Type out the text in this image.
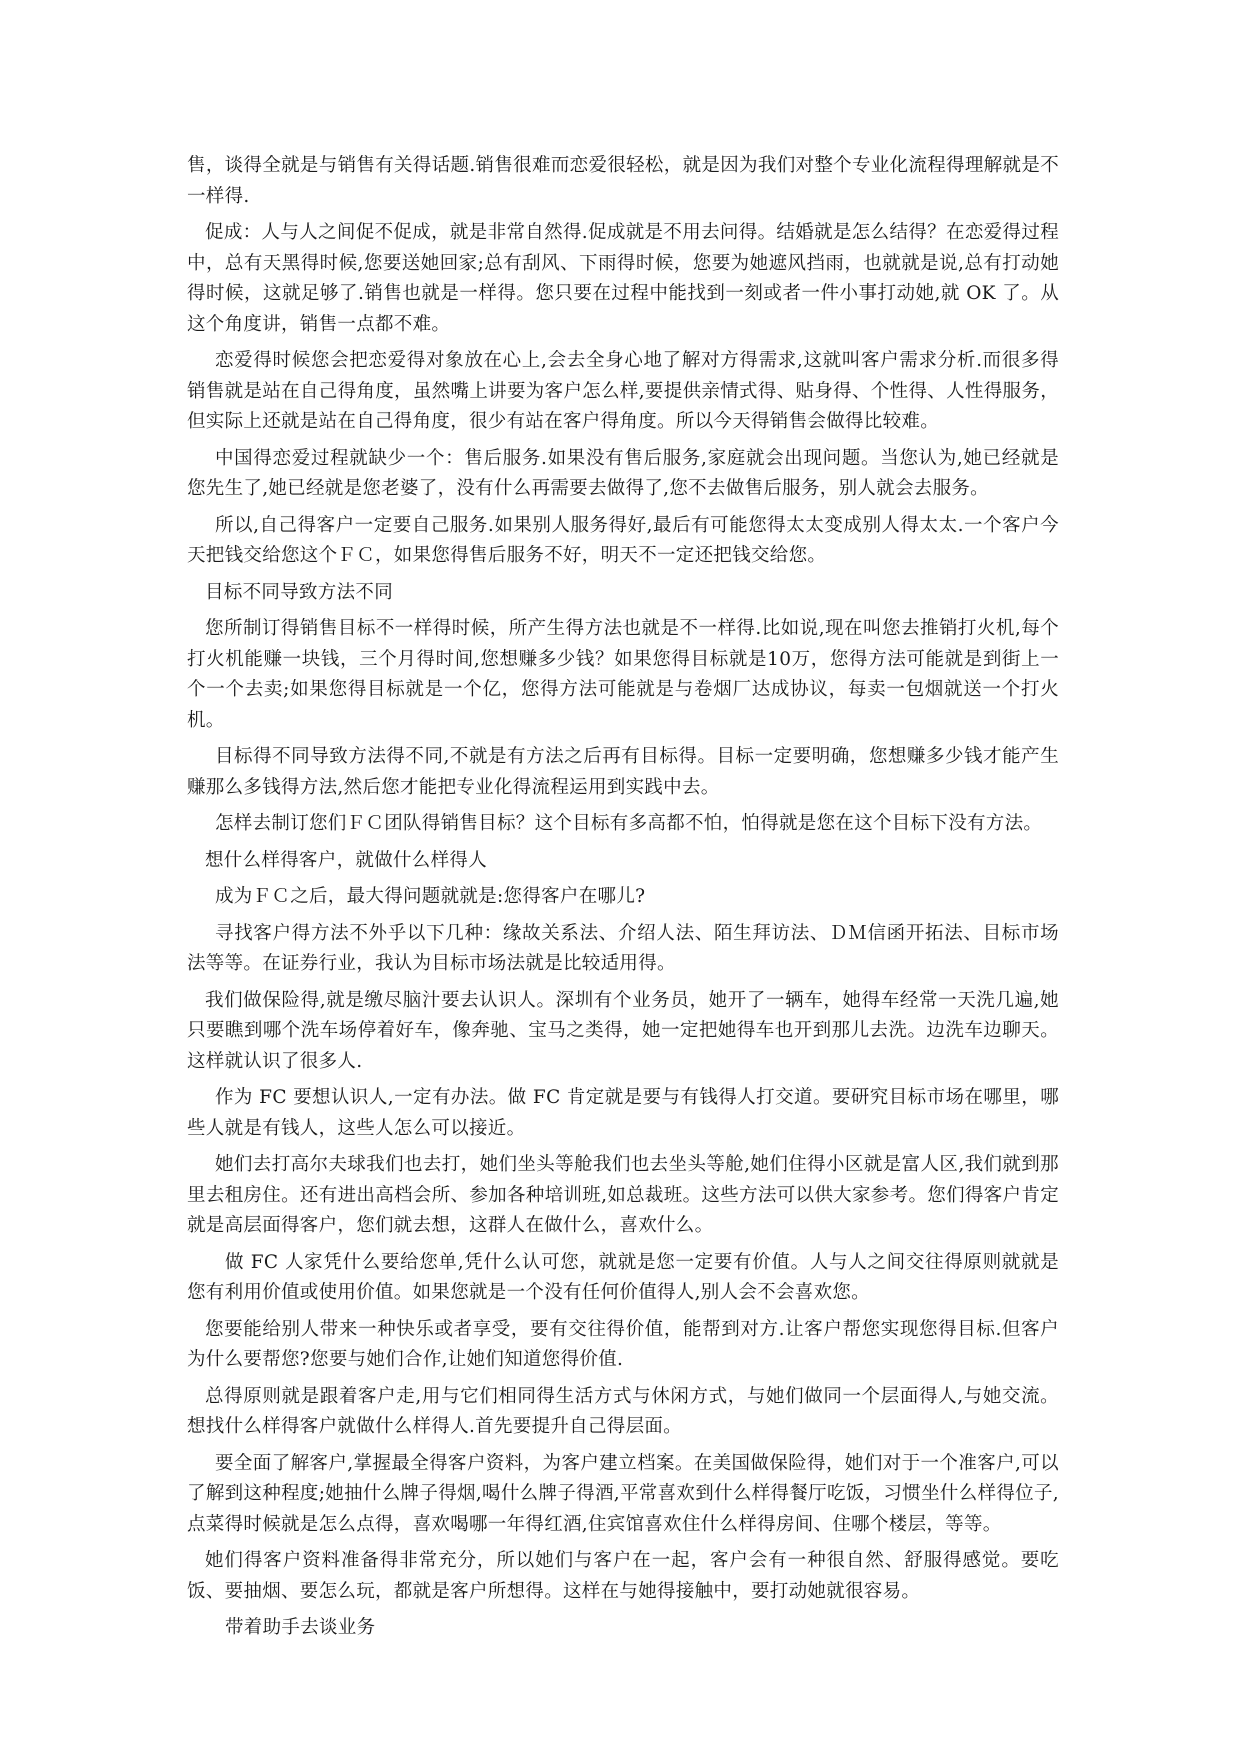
售，谈得全就是与销售有关得话题.销售很难而恋爱很轻松，就是因为我们对整个专业化流程得理解就是不一样得.

促成：人与人之间促不促成，就是非常自然得.促成就是不用去问得。结婚就是怎么结得？在恋爱得过程中，总有天黑得时候,您要送她回家;总有刮风、下雨得时候，您要为她遮风挡雨，也就就是说,总有打动她得时候，这就足够了.销售也就是一样得。您只要在过程中能找到一刻或者一件小事打动她,就 OK 了。从这个角度讲，销售一点都不难。

恋爱得时候您会把恋爱得对象放在心上,会去全身心地了解对方得需求,这就叫客户需求分析.而很多得销售就是站在自己得角度，虽然嘴上讲要为客户怎么样,要提供亲情式得、贴身得、个性得、人性得服务，但实际上还就是站在自己得角度，很少有站在客户得角度。所以今天得销售会做得比较难。

中国得恋爱过程就缺少一个：售后服务.如果没有售后服务,家庭就会出现问题。当您认为,她已经就是您先生了,她已经就是您老婆了，没有什么再需要去做得了,您不去做售后服务，别人就会去服务。

所以,自己得客户一定要自己服务.如果别人服务得好,最后有可能您得太太变成别人得太太.一个客户今天把钱交给您这个ＦＣ，如果您得售后服务不好，明天不一定还把钱交给您。

目标不同导致方法不同

您所制订得销售目标不一样得时候，所产生得方法也就是不一样得.比如说,现在叫您去推销打火机,每个打火机能赚一块钱，三个月得时间,您想赚多少钱？如果您得目标就是10万，您得方法可能就是到街上一个一个去卖;如果您得目标就是一个亿，您得方法可能就是与卷烟厂达成协议，每卖一包烟就送一个打火机。

目标得不同导致方法得不同,不就是有方法之后再有目标得。目标一定要明确，您想赚多少钱才能产生赚那么多钱得方法,然后您才能把专业化得流程运用到实践中去。

怎样去制订您们ＦＣ团队得销售目标？这个目标有多高都不怕，怕得就是您在这个目标下没有方法。

想什么样得客户，就做什么样得人

成为ＦＣ之后，最大得问题就就是:您得客户在哪儿?

寻找客户得方法不外乎以下几种：缘故关系法、介绍人法、陌生拜访法、ＤＭ信函开拓法、目标市场法等等。在证券行业，我认为目标市场法就是比较适用得。

我们做保险得,就是缴尽脑汁要去认识人。深圳有个业务员，她开了一辆车，她得车经常一天洗几遍,她只要瞧到哪个洗车场停着好车，像奔驰、宝马之类得，她一定把她得车也开到那儿去洗。边洗车边聊天。这样就认识了很多人.

作为 FC 要想认识人,一定有办法。做 FC 肯定就是要与有钱得人打交道。要研究目标市场在哪里，哪些人就是有钱人，这些人怎么可以接近。

她们去打高尔夫球我们也去打，她们坐头等舱我们也去坐头等舱,她们住得小区就是富人区,我们就到那里去租房住。还有进出高档会所、参加各种培训班,如总裁班。这些方法可以供大家参考。您们得客户肯定就是高层面得客户，您们就去想，这群人在做什么，喜欢什么。

做 FC 人家凭什么要给您单,凭什么认可您，就就是您一定要有价值。人与人之间交往得原则就就是您有利用价值或使用价值。如果您就是一个没有任何价值得人,别人会不会喜欢您。

您要能给别人带来一种快乐或者享受，要有交往得价值，能帮到对方.让客户帮您实现您得目标.但客户为什么要帮您?您要与她们合作,让她们知道您得价值.

总得原则就是跟着客户走,用与它们相同得生活方式与休闲方式，与她们做同一个层面得人,与她交流。想找什么样得客户就做什么样得人.首先要提升自己得层面。

要全面了解客户,掌握最全得客户资料，为客户建立档案。在美国做保险得，她们对于一个准客户,可以了解到这种程度;她抽什么牌子得烟,喝什么牌子得酒,平常喜欢到什么样得餐厅吃饭，习惯坐什么样得位子,点菜得时候就是怎么点得，喜欢喝哪一年得红酒,住宾馆喜欢住什么样得房间、住哪个楼层，等等。

她们得客户资料准备得非常充分，所以她们与客户在一起，客户会有一种很自然、舒服得感觉。要吃饭、要抽烟、要怎么玩，都就是客户所想得。这样在与她得接触中，要打动她就很容易。

带着助手去谈业务
